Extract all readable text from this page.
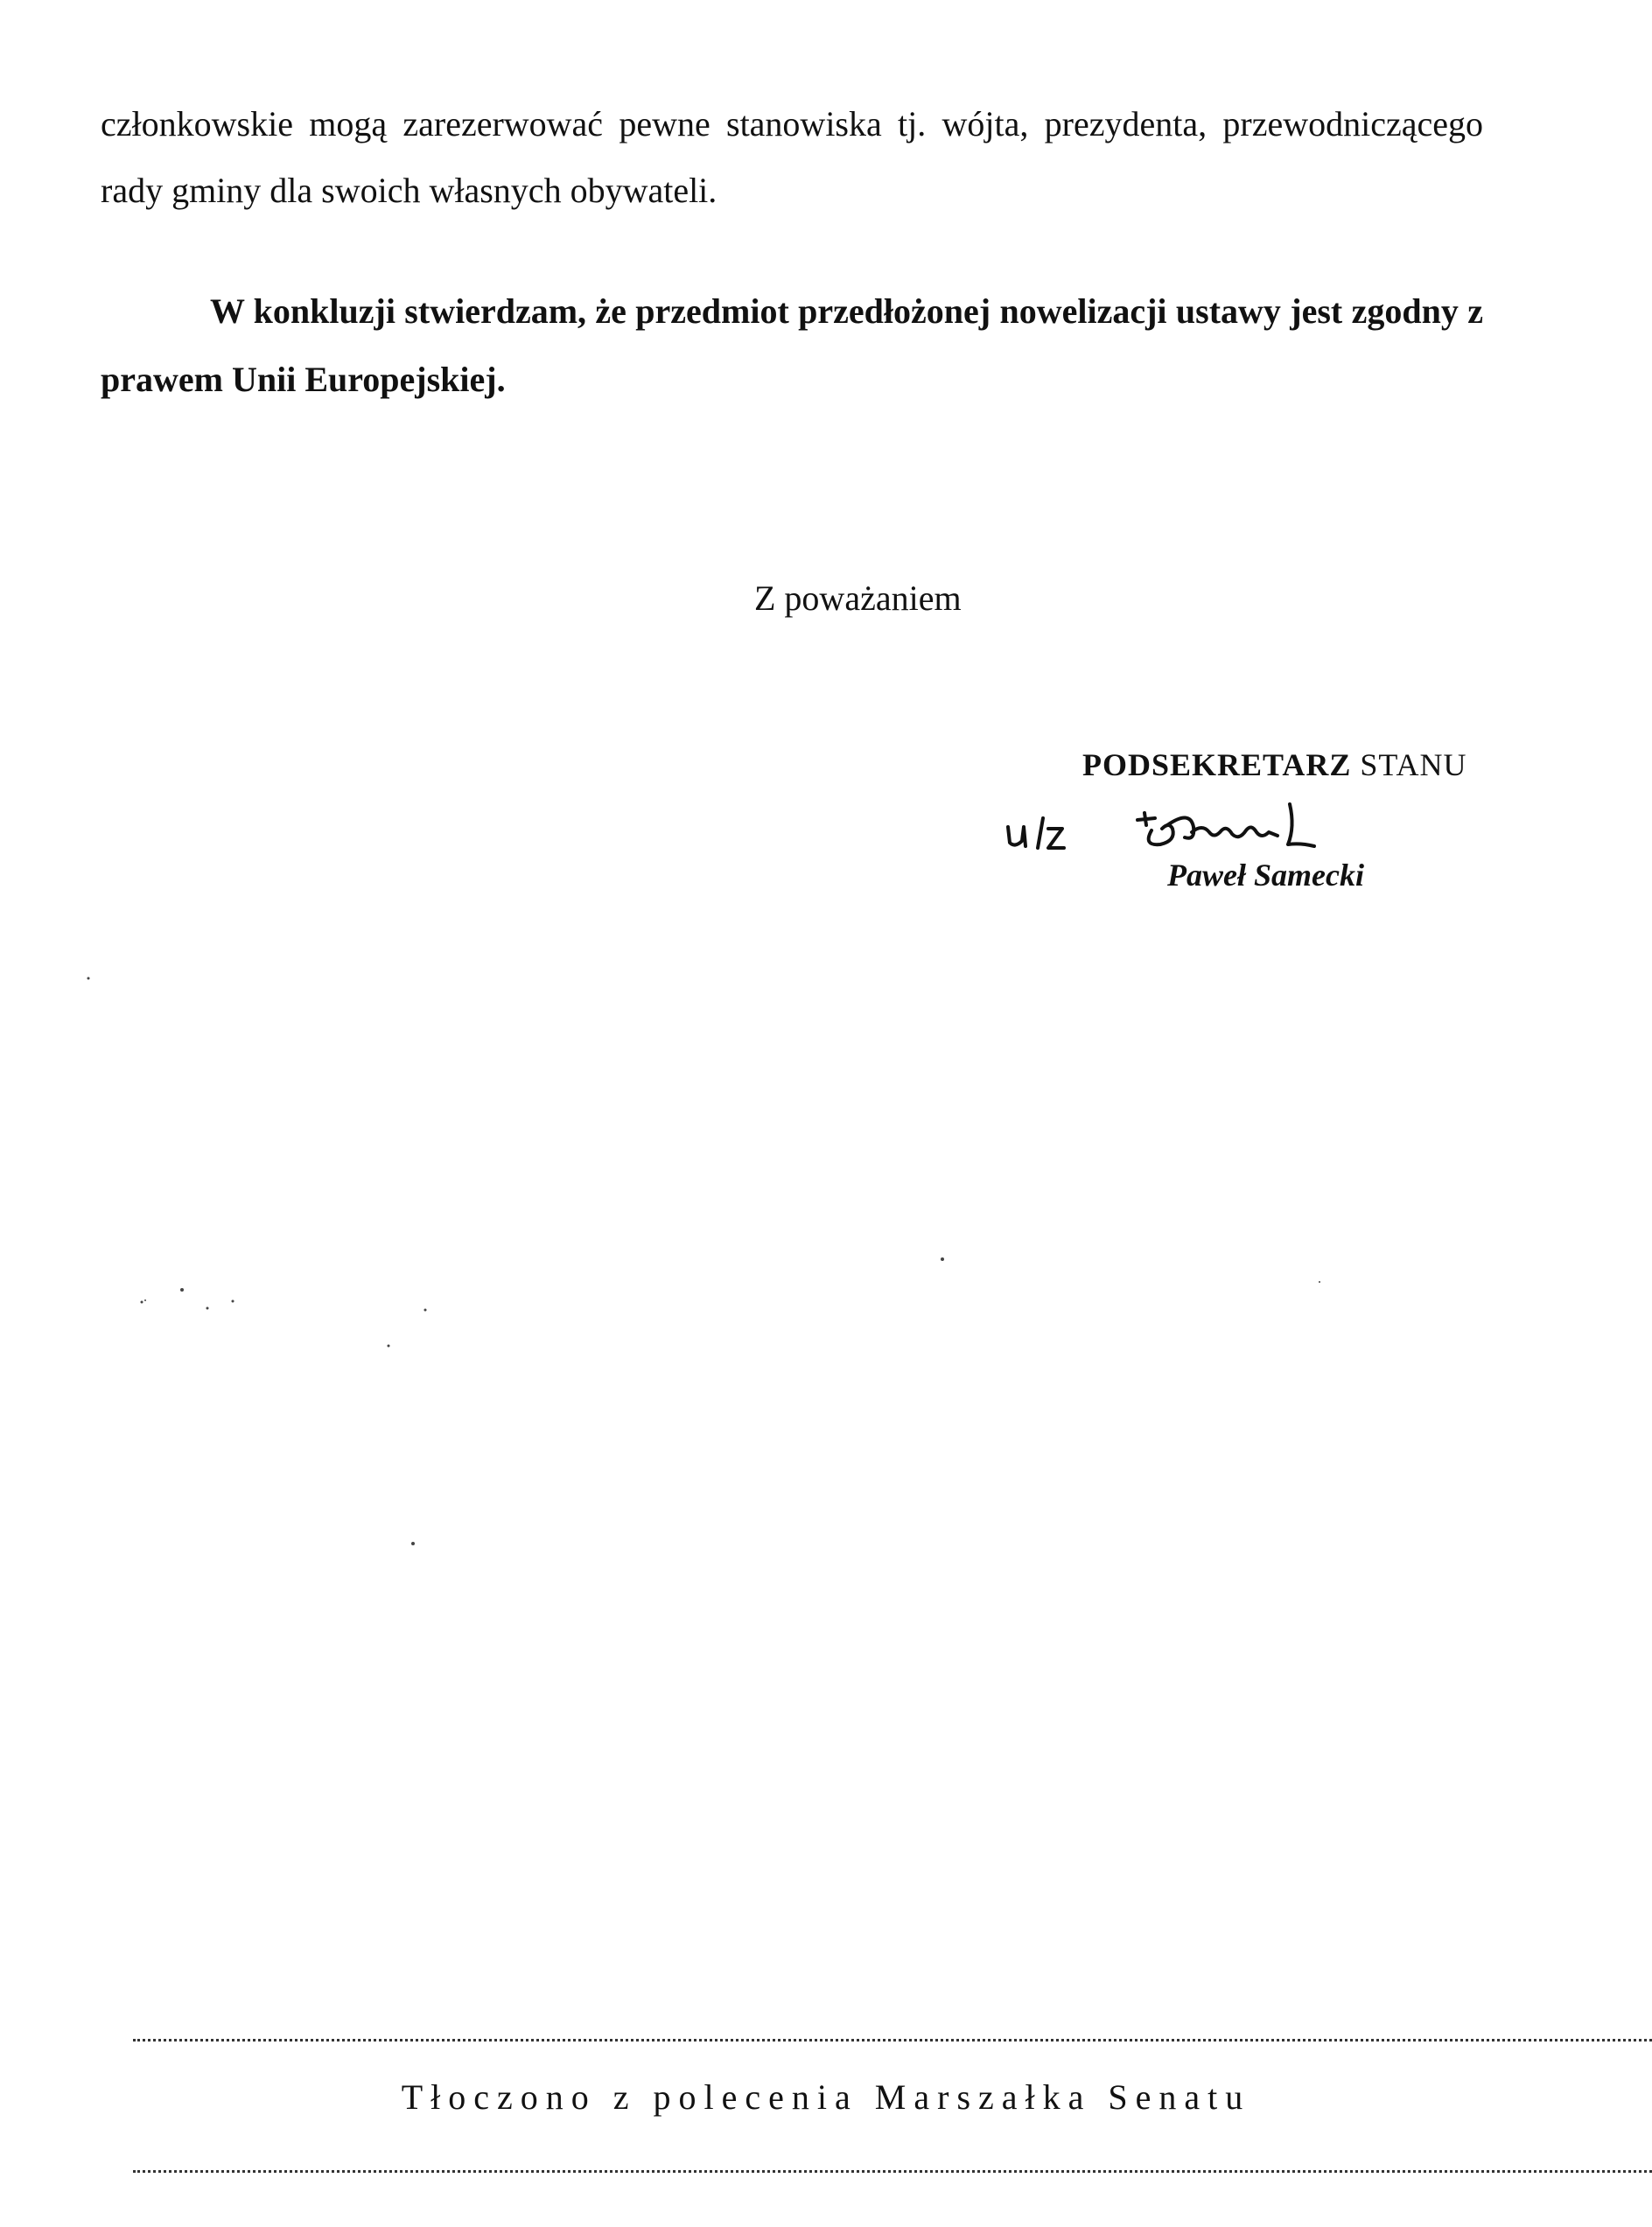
członkowskie mogą zarezerwować pewne stanowiska tj. wójta, prezydenta, przewodniczącego rady gminy dla swoich własnych obywateli.
W konkluzji stwierdzam, że przedmiot przedłożonej nowelizacji ustawy jest zgodny z prawem Unii Europejskiej.
Z poważaniem
PODSEKRETARZ STANU
Paweł Samecki
Tłoczono z polecenia Marszałka Senatu
